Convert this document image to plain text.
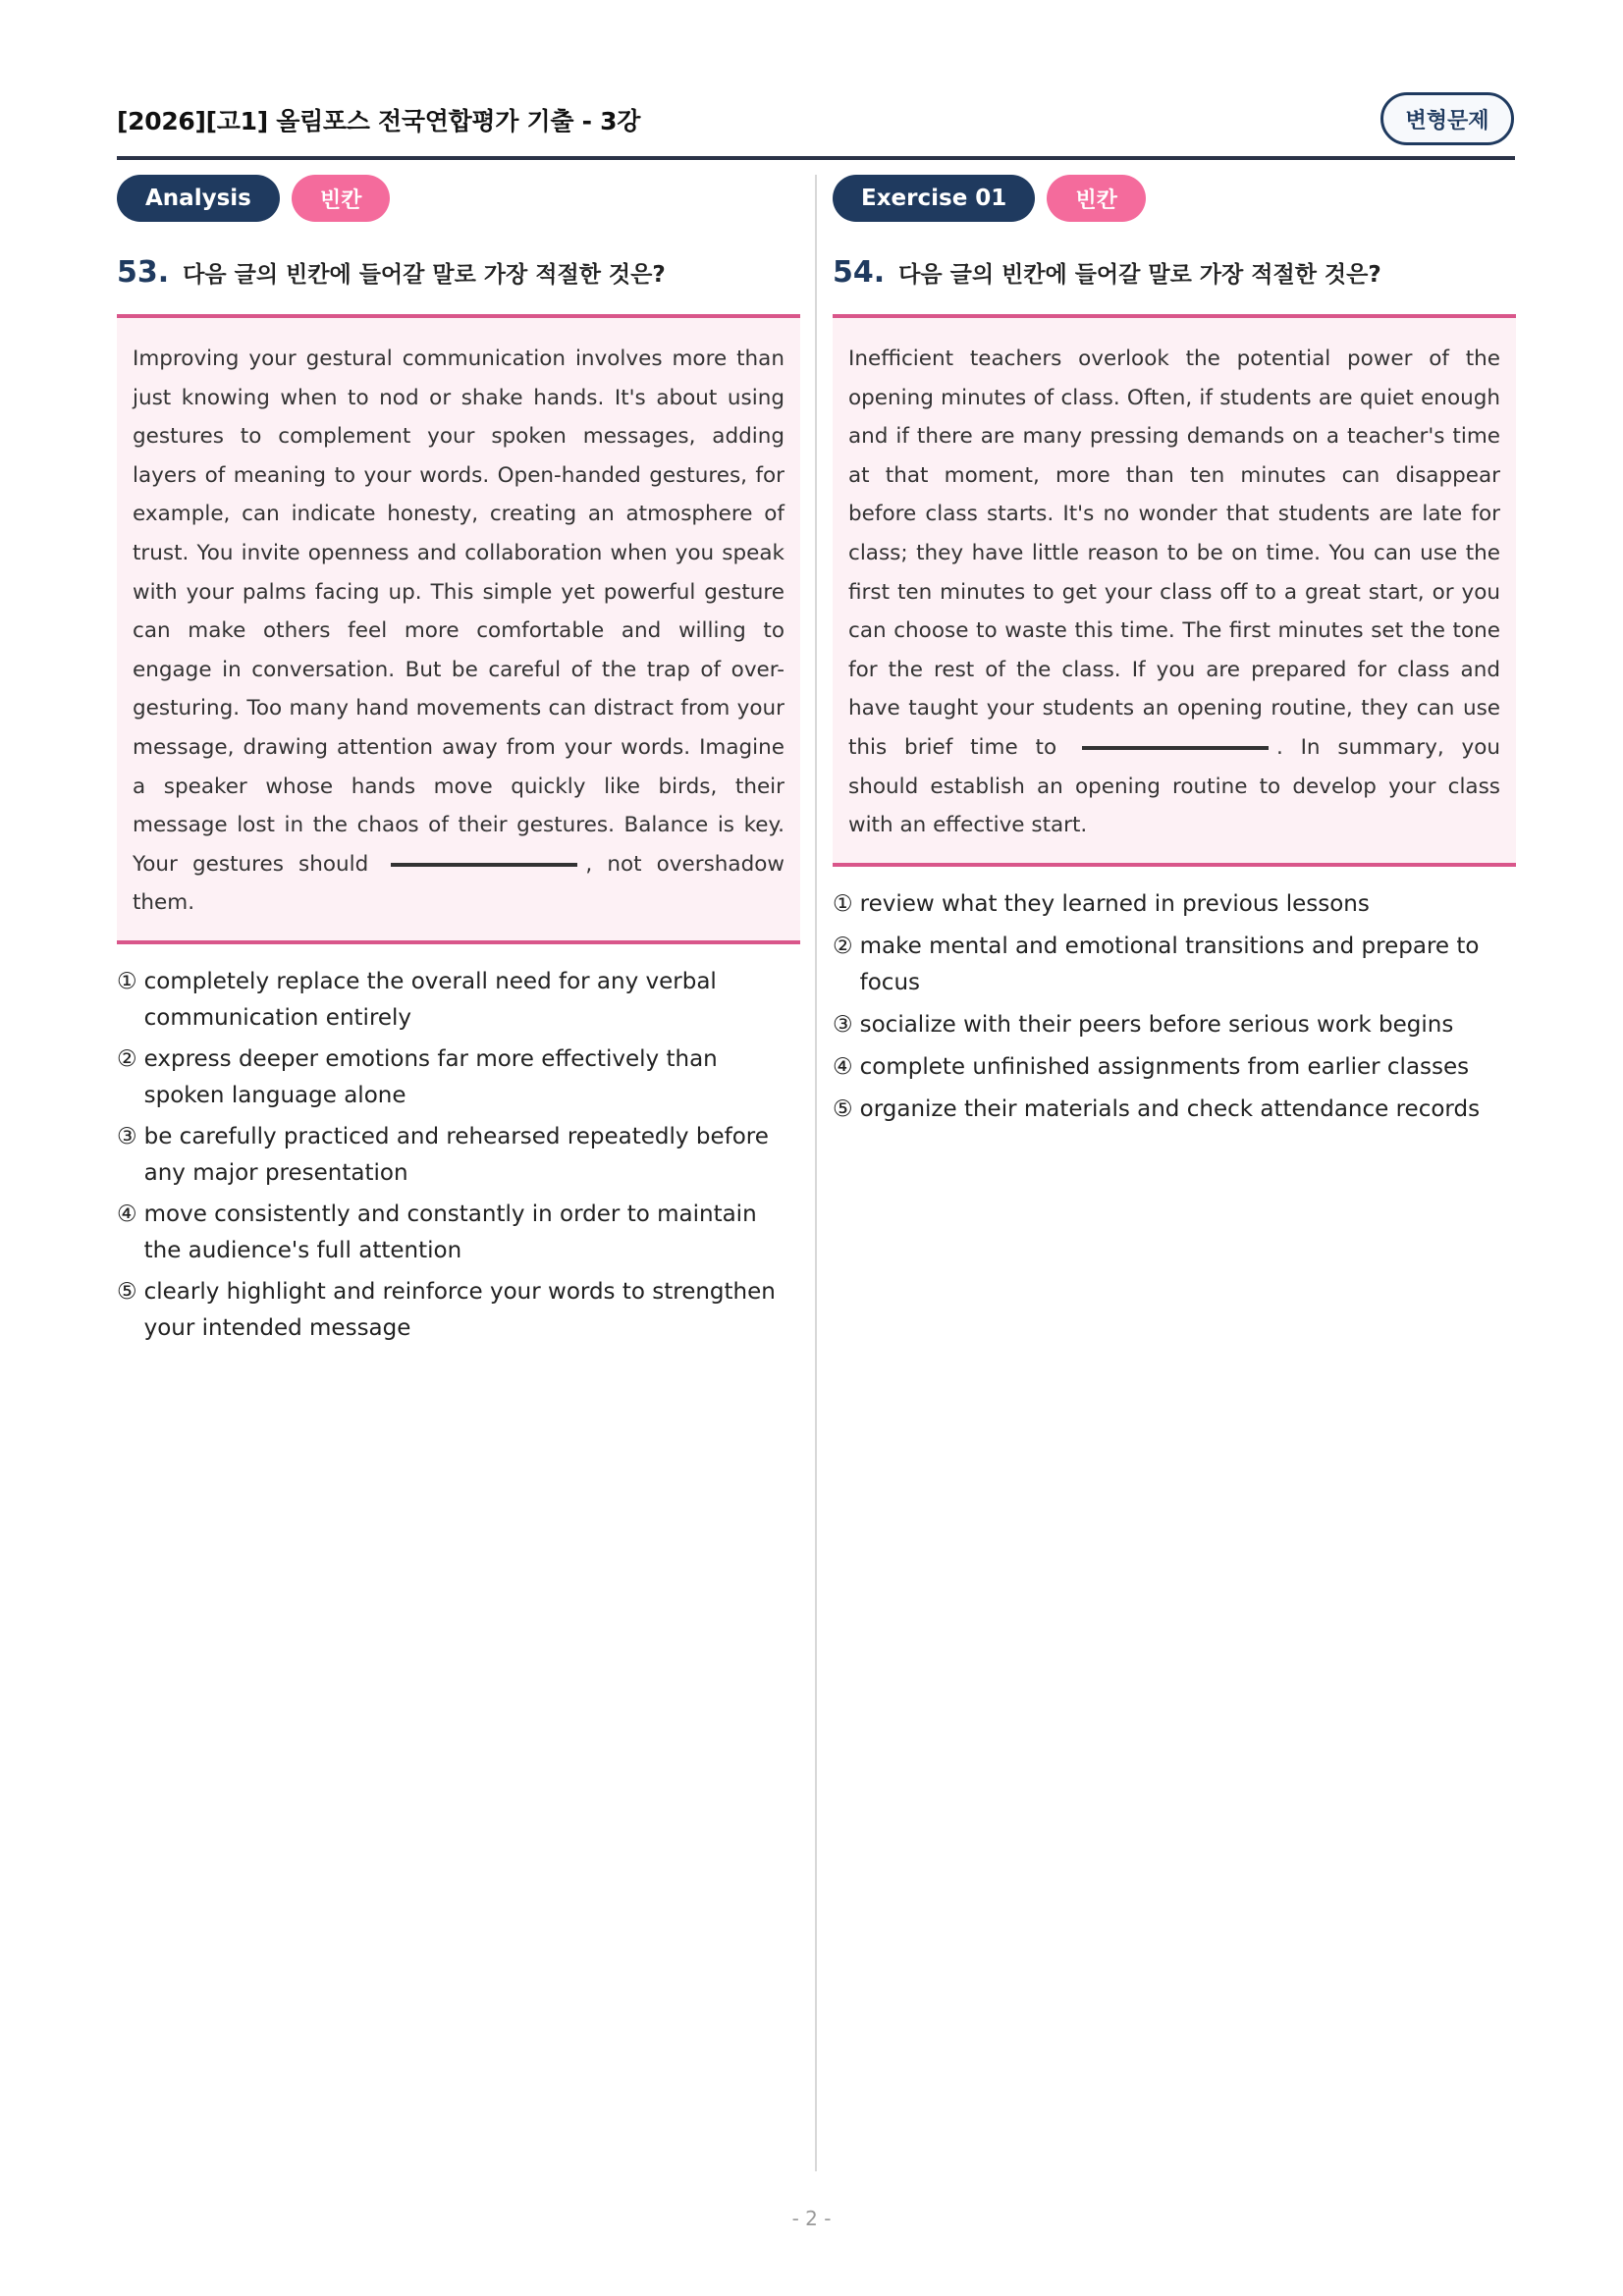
[2026][고1] 올림포스 전국연합평가 기출 - 3강	변형문제
Analysis	빈칸
53. 다음 글의 빈칸에 들어갈 말로 가장 적절한 것은?

Improving your gestural communication involves more than just knowing when to nod or shake hands. It's about using gestures to complement your spoken messages, adding layers of meaning to your words. Open-handed gestures, for example, can indicate honesty, creating an atmosphere of trust. You invite openness and collaboration when you speak with your palms facing up. This simple yet powerful gesture can make others feel more comfortable and willing to engage in conversation. But be careful of the trap of over-gesturing. Too many hand movements can distract from your message, drawing attention away from your words. Imagine a speaker whose hands move quickly like birds, their message lost in the chaos of their gestures. Balance is key. Your gestures should	, not overshadow them.

① completely replace the overall need for any verbal communication entirely
② express deeper emotions far more effectively than spoken language alone
③ be carefully practiced and rehearsed repeatedly before any major presentation
④ move consistently and constantly in order to maintain the audience's full attention
⑤ clearly highlight and reinforce your words to strengthen your intended message
Exercise 01	빈칸
54. 다음 글의 빈칸에 들어갈 말로 가장 적절한 것은?

Inefficient teachers overlook the potential power of the opening minutes of class. Often, if students are quiet enough and if there are many pressing demands on a teacher's time at that moment, more than ten minutes can disappear before class starts. It's no wonder that students are late for class; they have little reason to be on time. You can use the first ten minutes to get your class off to a great start, or you can choose to waste this time. The first minutes set the tone for the rest of the class. If you are prepared for class and have taught your students an opening routine, they can use this brief time to	. In summary, you should establish an opening routine to develop your class with an effective start.

① review what they learned in previous lessons
② make mental and emotional transitions and prepare to focus
③ socialize with their peers before serious work begins
④ complete unfinished assignments from earlier classes
⑤ organize their materials and check attendance records
- 2 -
